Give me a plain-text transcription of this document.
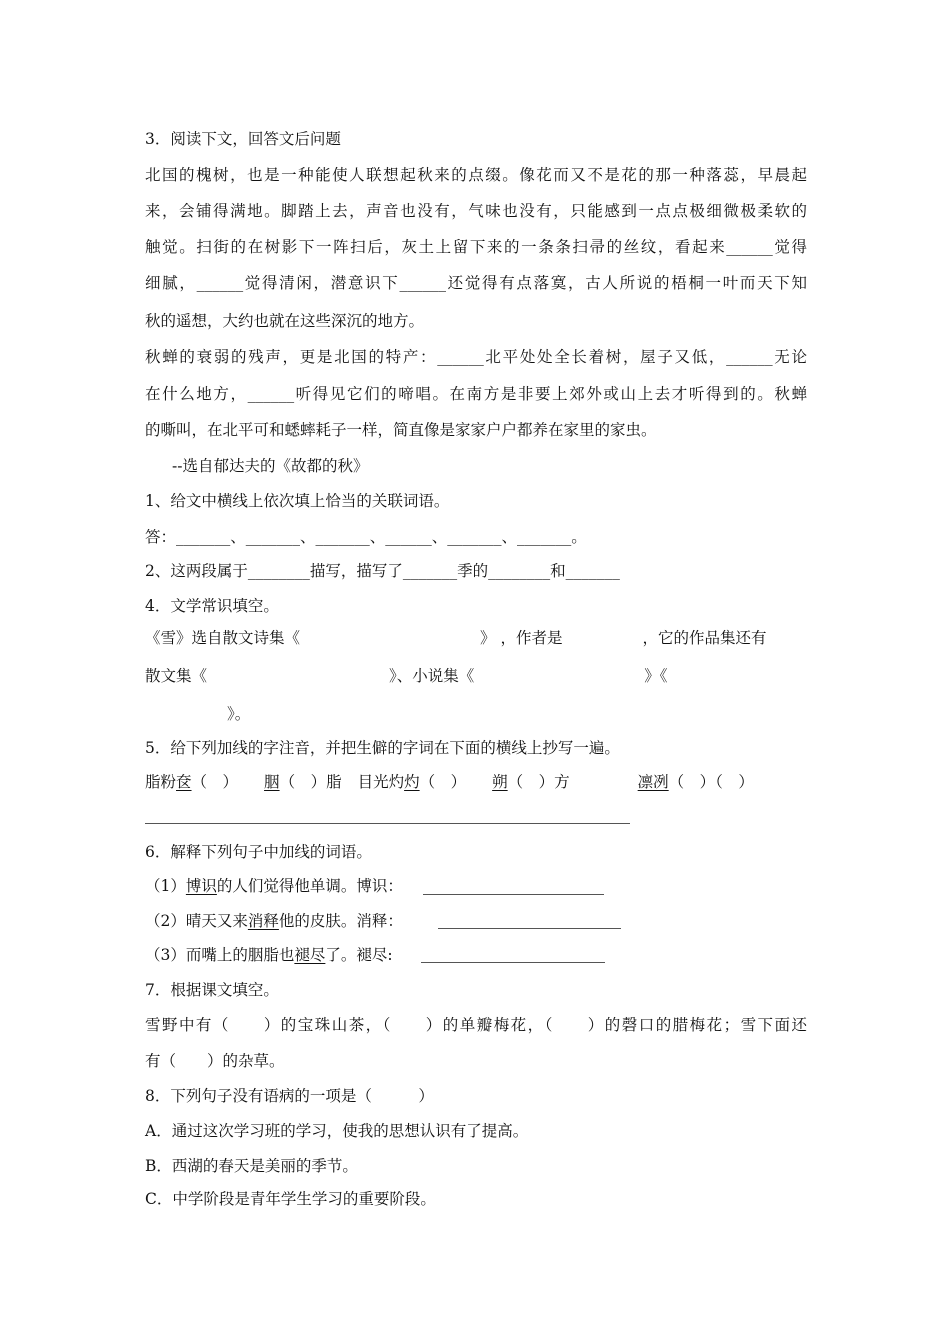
3．阅读下文，回答文后问题
北国的槐树，也是一种能使人联想起秋来的点缀。像花而又不是花的那一种落蕊，早晨起
来，会铺得满地。脚踏上去，声音也没有，气味也没有，只能感到一点点极细微极柔软的
触觉。扫街的在树影下一阵扫后，灰土上留下来的一条条扫帚的丝纹，看起来______觉得
细腻，______觉得清闲，潜意识下______还觉得有点落寞，古人所说的梧桐一叶而天下知
秋的遥想，大约也就在这些深沉的地方。
秋蝉的衰弱的残声，更是北国的特产：______北平处处全长着树，屋子又低，______无论
在什么地方，______听得见它们的啼唱。在南方是非要上郊外或山上去才听得到的。秋蝉
的嘶叫，在北平可和蟋蟀耗子一样，简直像是家家户户都养在家里的家虫。
--选自郁达夫的《故都的秋》
1、给文中横线上依次填上恰当的关联词语。
答：_______、_______、_______、______、_______、_______。
2、这两段属于________描写，描写了_______季的________和_______
4．文学常识填空。
《雪》选自散文诗集《	》 ，作者是	，它的作品集还有
散文集《	》、小说集《	》《
》。
5．给下列加线的字注音，并把生僻的字词在下面的横线上抄写一遍。
脂粉奁（　） 胭（　）脂 目光灼灼（　） 朔（　）方	凛冽（　）（　）
6．解释下列句子中加线的词语。
（1）博识的人们觉得他单调。博识：
（2）晴天又来消释他的皮肤。消释：
（3）而嘴上的胭脂也褪尽了。褪尽:
7．根据课文填空。
雪野中有（　　）的宝珠山茶，（　　）的单瓣梅花，（　　）的磬口的腊梅花；雪下面还
有（　　）的杂草。
8．下列句子没有语病的一项是（　　　）
A．通过这次学习班的学习，使我的思想认识有了提高。
B．西湖的春天是美丽的季节。
C．中学阶段是青年学生学习的重要阶段。
